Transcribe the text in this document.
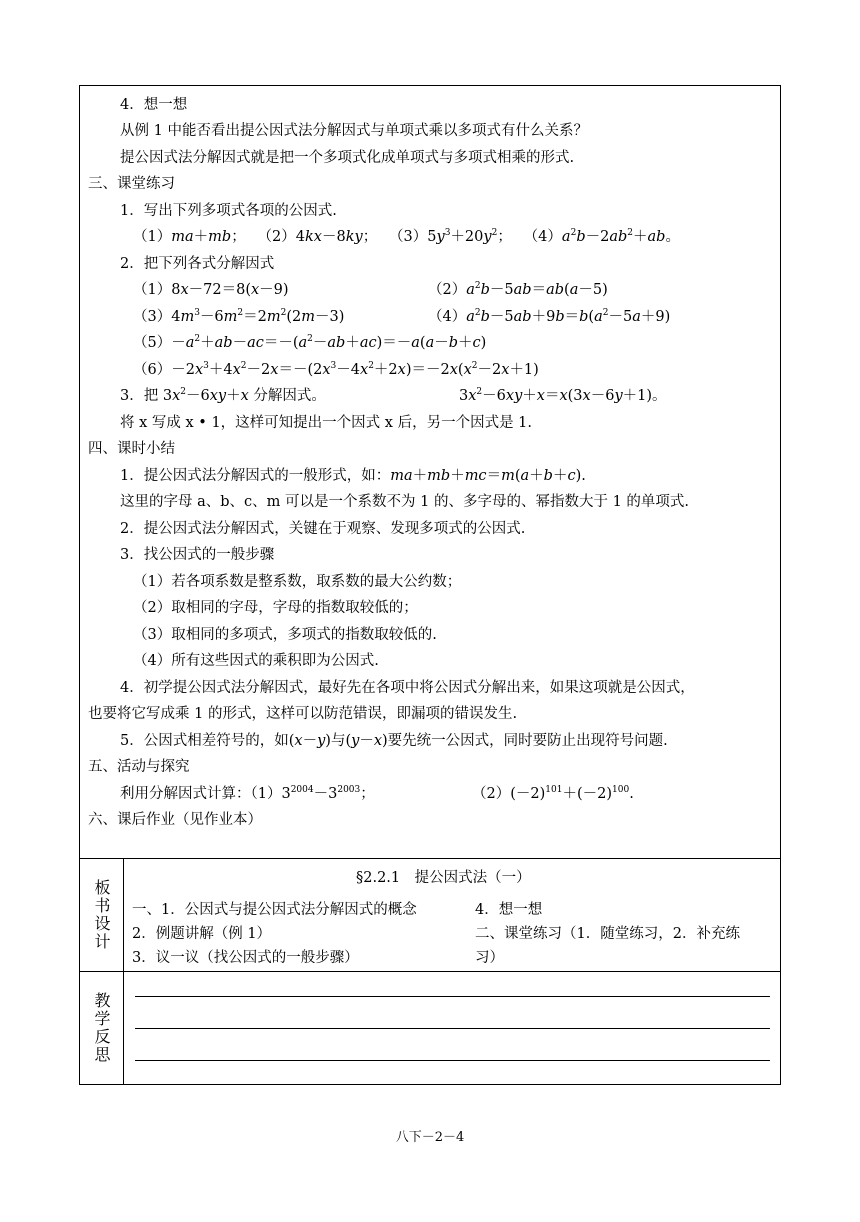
4．想一想
从例 1 中能否看出提公因式法分解因式与单项式乘以多项式有什么关系？
提公因式法分解因式就是把一个多项式化成单项式与多项式相乘的形式.
三、课堂练习
1．写出下列多项式各项的公因式.
（1）ma＋mb；　 （2）4kx－8ky；　 $(3)5y^3+20y^2$；　 $(4)a^2b-2ab^2+ab$。
2．把下列各式分解因式
（1）8x－72＝8(x－9)	$(2)a^2b-5ab=ab(a-5)$
$(3)4m^3-6m^2=2m^2(2m-3)$	$(4)a^2b-5ab+9b=b(a^2-5a+9)$
$(5)-a^2+ab-ac=-(a^2-ab+ac)=-a(a-b+c)$
$(6)-2x^3+4x^2-2x=-(2x^3-4x^2+2x)=-2x(x^2-2x+1)$
3．把 $3x^2-6xy+x$ 分解因式。	$3x^2-6xy+x=x(3x-6y+1)$。
将 x 写成 x • 1，这样可知提出一个因式 x 后，另一个因式是 1.
四、课时小结
1．提公因式法分解因式的一般形式，如：ma＋mb＋mc＝m(a＋b＋c).
这里的字母 a、b、c、m 可以是一个系数不为 1 的、多字母的、幂指数大于 1 的单项式.
2．提公因式法分解因式，关键在于观察、发现多项式的公因式.
3．找公因式的一般步骤
（1）若各项系数是整系数，取系数的最大公约数；
（2）取相同的字母，字母的指数取较低的；
（3）取相同的多项式，多项式的指数取较低的.
（4）所有这些因式的乘积即为公因式.
4．初学提公因式法分解因式，最好先在各项中将公因式分解出来，如果这项就是公因式，
也要将它写成乘 1 的形式，这样可以防范错误，即漏项的错误发生.
5．公因式相差符号的，如(x－y)与(y－x)要先统一公因式，同时要防止出现符号问题.
五、活动与探究
利用分解因式计算：$(1)3^{2004}-3^{2003}$；	$(2)(-2)^{101}+(-2)^{100}$.
六、课后作业（见作业本）
板书设计
§2.2.1　提公因式法（一）
一、1．公因式与提公因式法分解因式的概念
2．例题讲解（例 1）
3．议一议（找公因式的一般步骤）
4．想一想
二、课堂练习（1．随堂练习，2．补充练
习）
教学反思
八下－2－4
